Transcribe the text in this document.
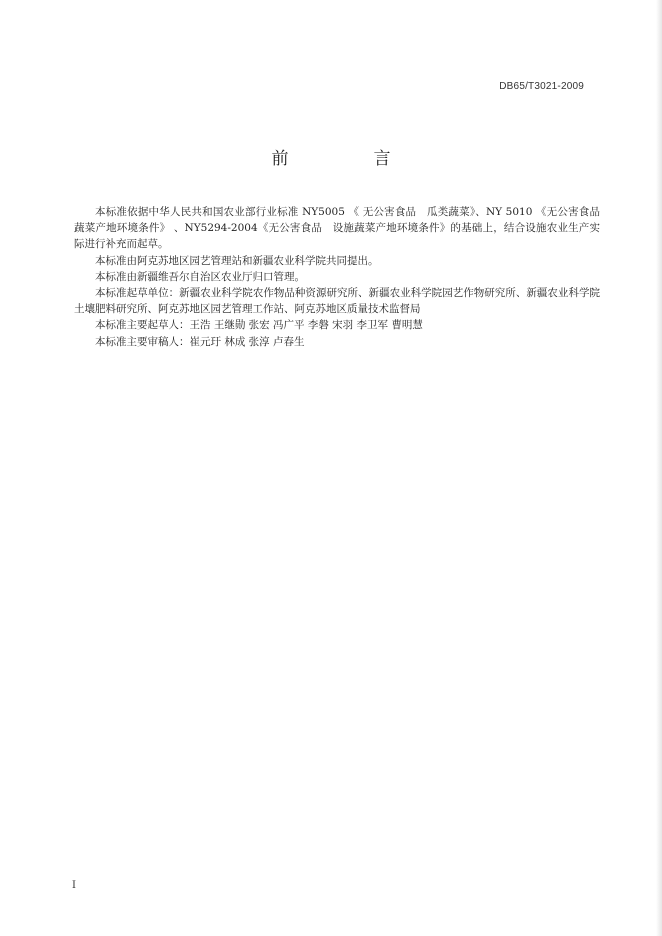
DB65/T3021-2009
前　言

本标准依据中华人民共和国农业部行业标准 NY5005 《 无公害食品　瓜类蔬菜》、NY 5010 《无公害食品 蔬菜产地环境条件》 、NY5294-2004《无公害食品　设施蔬菜产地环境条件》的基础上，结合设施农业生产实际进行补充而起草。

本标准由阿克苏地区园艺管理站和新疆农业科学院共同提出。

本标准由新疆维吾尔自治区农业厅归口管理。

本标准起草单位：新疆农业科学院农作物品种资源研究所、新疆农业科学院园艺作物研究所、新疆农业科学院土壤肥料研究所、阿克苏地区园艺管理工作站、阿克苏地区质量技术监督局

本标准主要起草人：王浩 王继勋 张宏 冯广平 李磐 宋羽 李卫军 曹明慧

本标准主要审稿人：崔元玗 林成 张淳 卢春生

I
